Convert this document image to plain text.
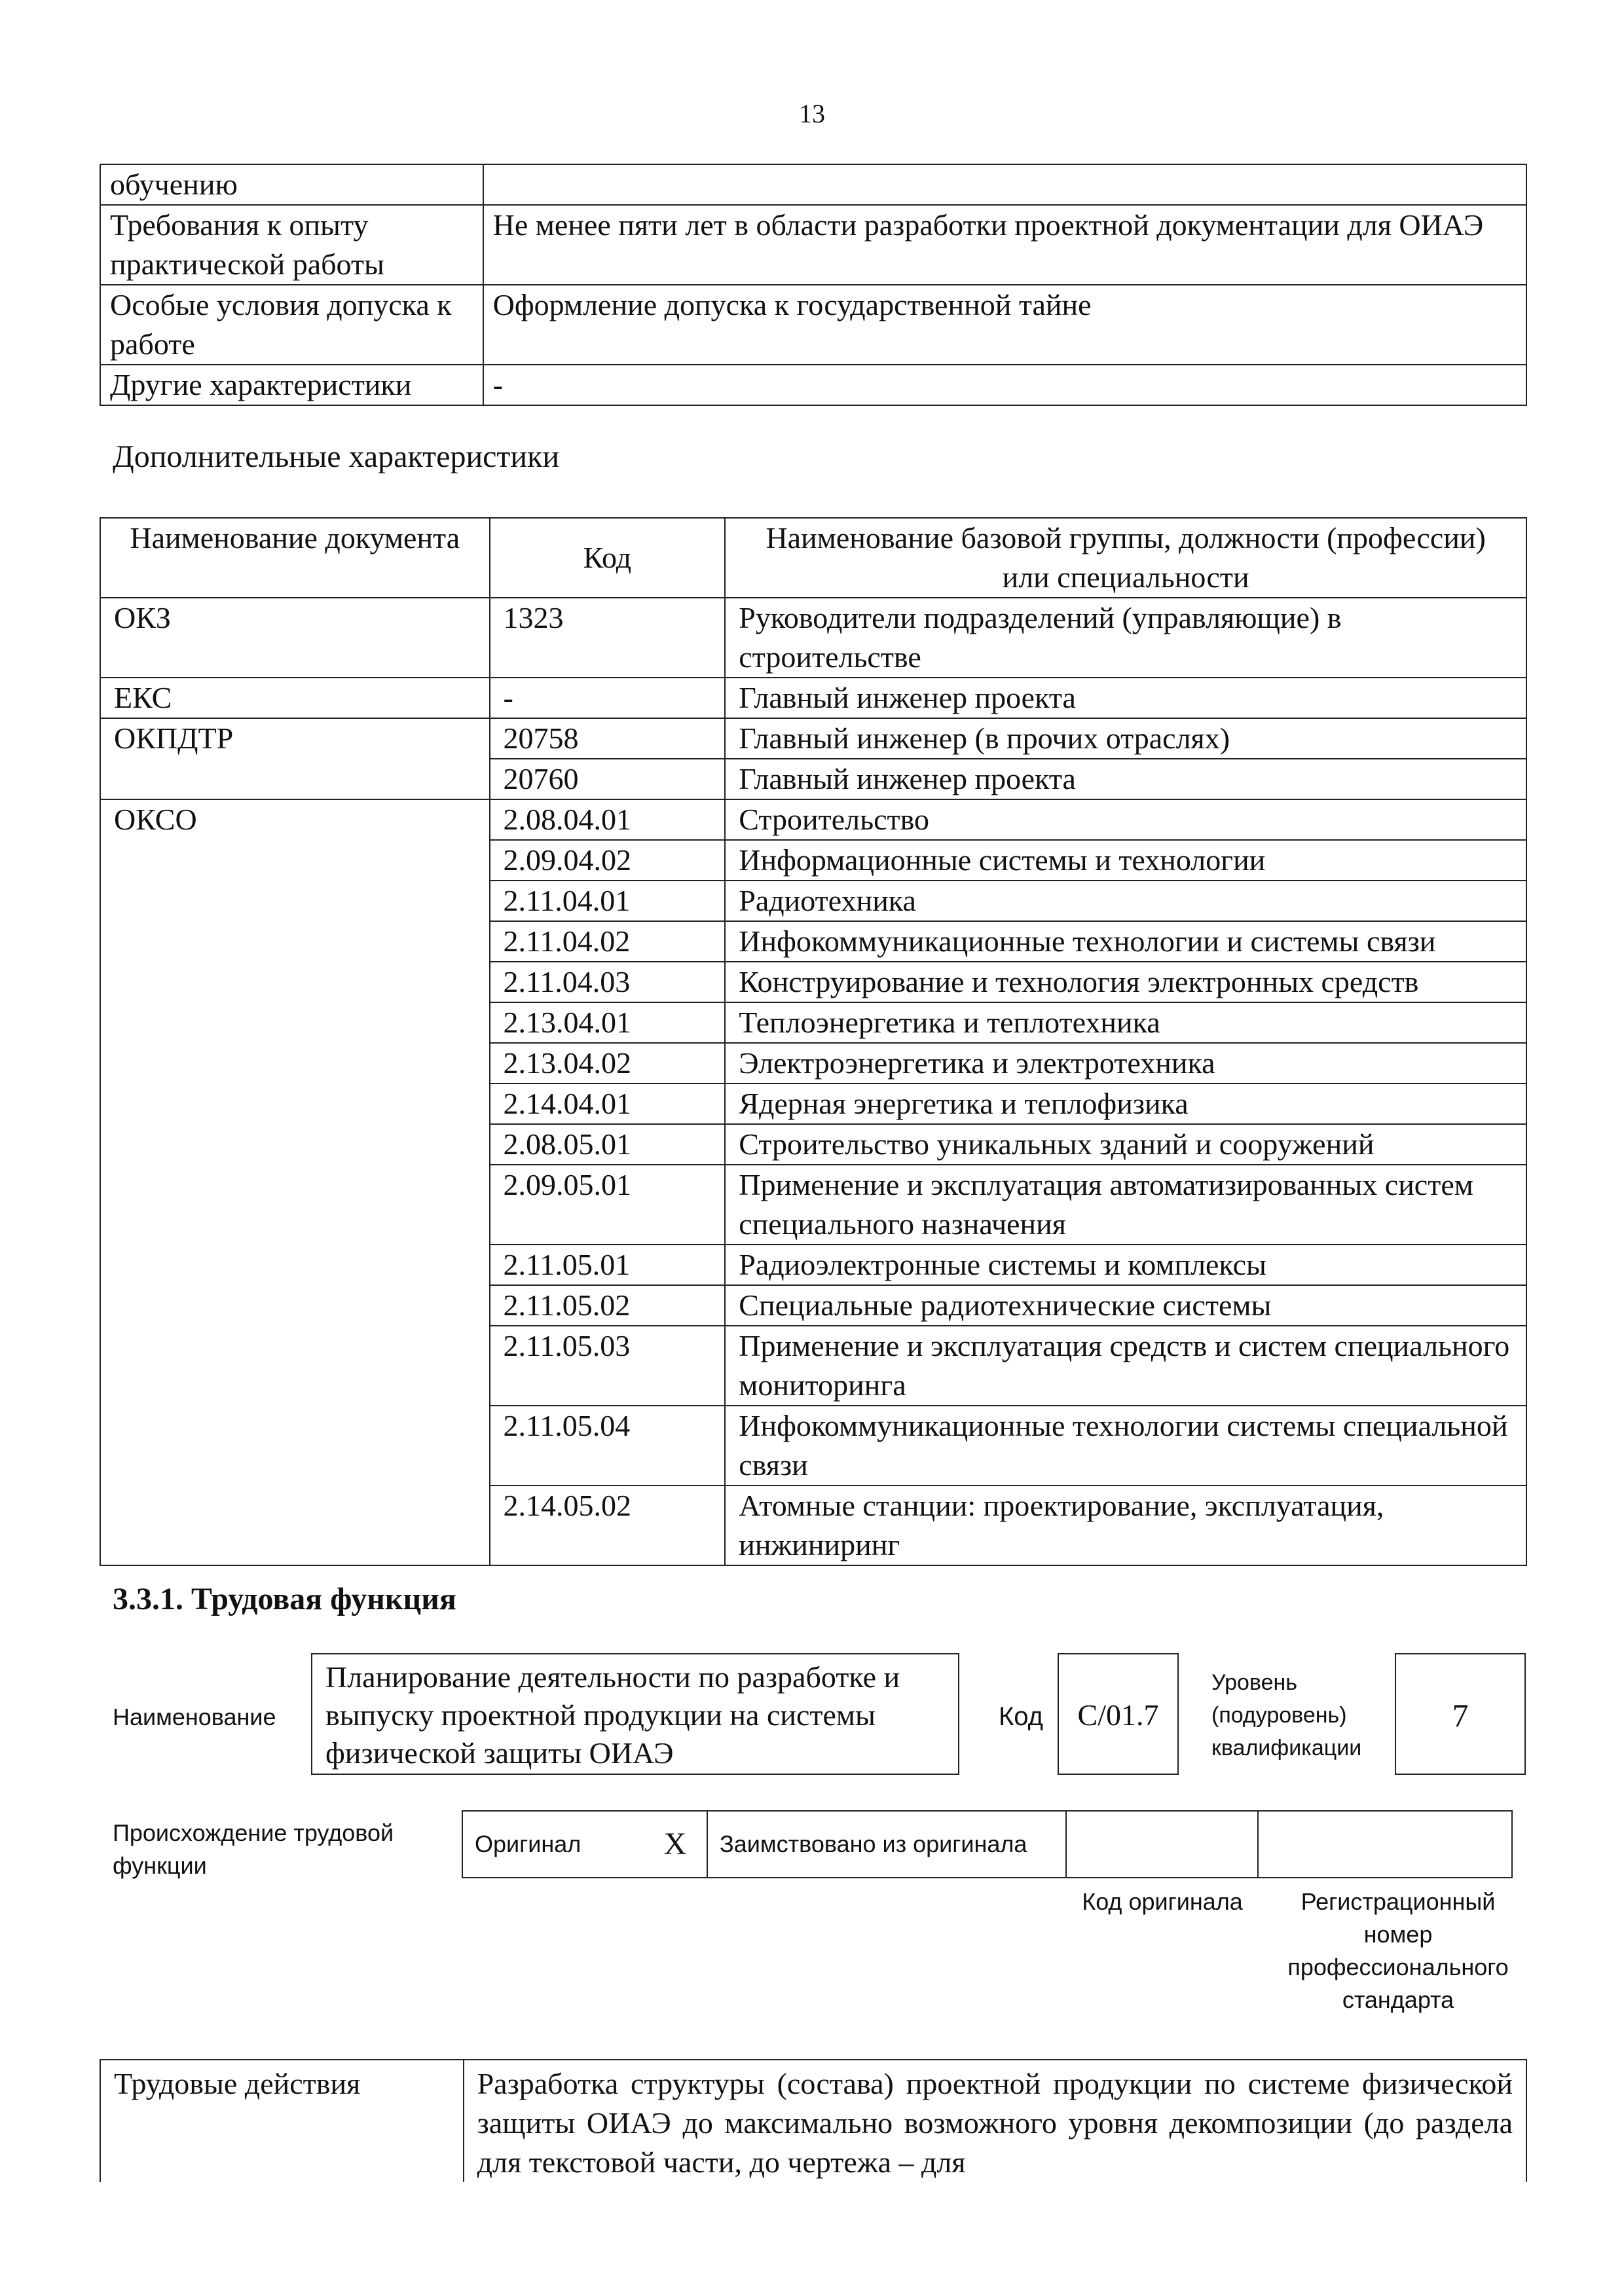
13
обучению	
Требования к опыту практической работы	Не менее пяти лет в области разработки проектной документации для ОИАЭ
Особые условия допуска к работе	Оформление допуска к государственной тайне
Другие характеристики	-
Дополнительные характеристики
Наименование документа	Код	Наименование базовой группы, должности (профессии) или специальности
ОКЗ	1323	Руководители подразделений (управляющие) в строительстве
ЕКС	-	Главный инженер проекта
ОКПДТР	20758	Главный инженер (в прочих отраслях)
	20760	Главный инженер проекта
ОКСО	2.08.04.01	Строительство
	2.09.04.02	Информационные системы и технологии
	2.11.04.01	Радиотехника
	2.11.04.02	Инфокоммуникационные технологии и системы связи
	2.11.04.03	Конструирование и технология электронных средств
	2.13.04.01	Теплоэнергетика и теплотехника
	2.13.04.02	Электроэнергетика и электротехника
	2.14.04.01	Ядерная энергетика и теплофизика
	2.08.05.01	Строительство уникальных зданий и сооружений
	2.09.05.01	Применение и эксплуатация автоматизированных систем специального назначения
	2.11.05.01	Радиоэлектронные системы и комплексы
	2.11.05.02	Специальные радиотехнические системы
	2.11.05.03	Применение и эксплуатация средств и систем специального мониторинга
	2.11.05.04	Инфокоммуникационные технологии системы специальной связи
	2.14.05.02	Атомные станции: проектирование, эксплуатация, инжиниринг
3.3.1. Трудовая функция
Наименование
Планирование деятельности по разработке и выпуску проектной продукции на системы физической защиты ОИАЭ
Код	C/01.7
Уровень (подуровень) квалификации
7
Происхождение трудовой функции
Оригинал	X	Заимствовано из оригинала		
Код оригинала	Регистрационный номер профессионального стандарта
Трудовые действия	Разработка структуры (состава) проектной продукции по системе физической защиты ОИАЭ до максимально возможного уровня декомпозиции (до раздела для текстовой части, до чертежа – для
